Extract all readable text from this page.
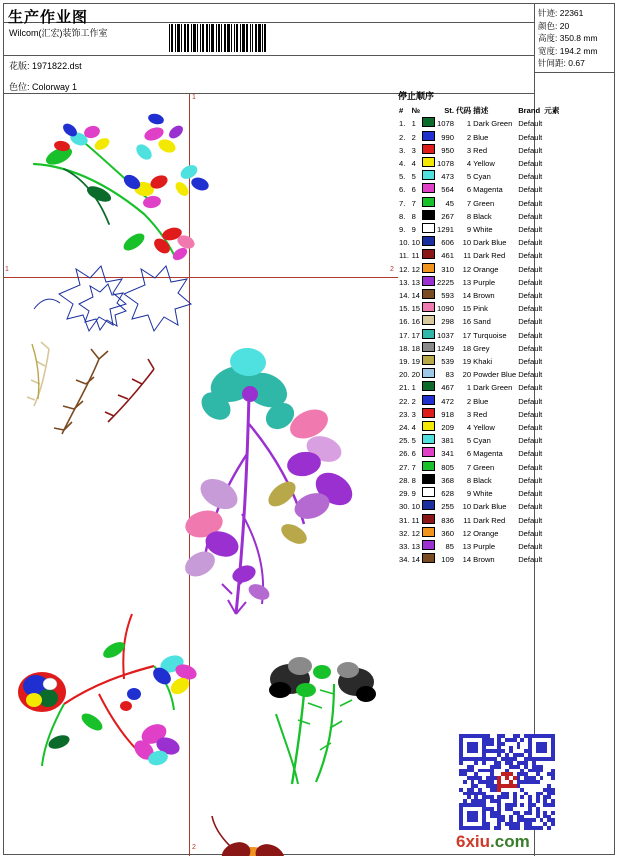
生产作业图
Wilcom(汇宏)装饰工作室
花版: 1971822.dst
色位: Colorway 1
针迹: 22361
颜色: 20
高度: 350.8 mm
宽度: 194.2 mm
针间距: 0.67
停止顺序
#	№		St.	代码	描述	Brand	元素
1.	1		1078	1	Dark Green	Default	
2.	2		990	2	Blue	Default	
3.	3		950	3	Red	Default	
4.	4		1078	4	Yellow	Default	
5.	5		473	5	Cyan	Default	
6.	6		564	6	Magenta	Default	
7.	7		45	7	Green	Default	
8.	8		267	8	Black	Default	
9.	9		1291	9	White	Default	
10.	10		606	10	Dark Blue	Default	
11.	11		461	11	Dark Red	Default	
12.	12		310	12	Orange	Default	
13.	13		2225	13	Purple	Default	
14.	14		593	14	Brown	Default	
15.	15		1090	15	Pink	Default	
16.	16		298	16	Sand	Default	
17.	17		1037	17	Turquoise	Default	
18.	18		1249	18	Grey	Default	
19.	19		539	19	Khaki	Default	
20.	20		83	20	Powder Blue	Default	
21.	1		467	1	Dark Green	Default	
22.	2		472	2	Blue	Default	
23.	3		918	3	Red	Default	
24.	4		209	4	Yellow	Default	
25.	5		381	5	Cyan	Default	
26.	6		341	6	Magenta	Default	
27.	7		805	7	Green	Default	
28.	8		368	8	Black	Default	
29.	9		628	9	White	Default	
30.	10		255	10	Dark Blue	Default	
31.	11		836	11	Dark Red	Default	
32.	12		360	12	Orange	Default	
33.	13		85	13	Purple	Default	
34.	14		109	14	Brown	Default	
1
1	2
2	6xiu.com
